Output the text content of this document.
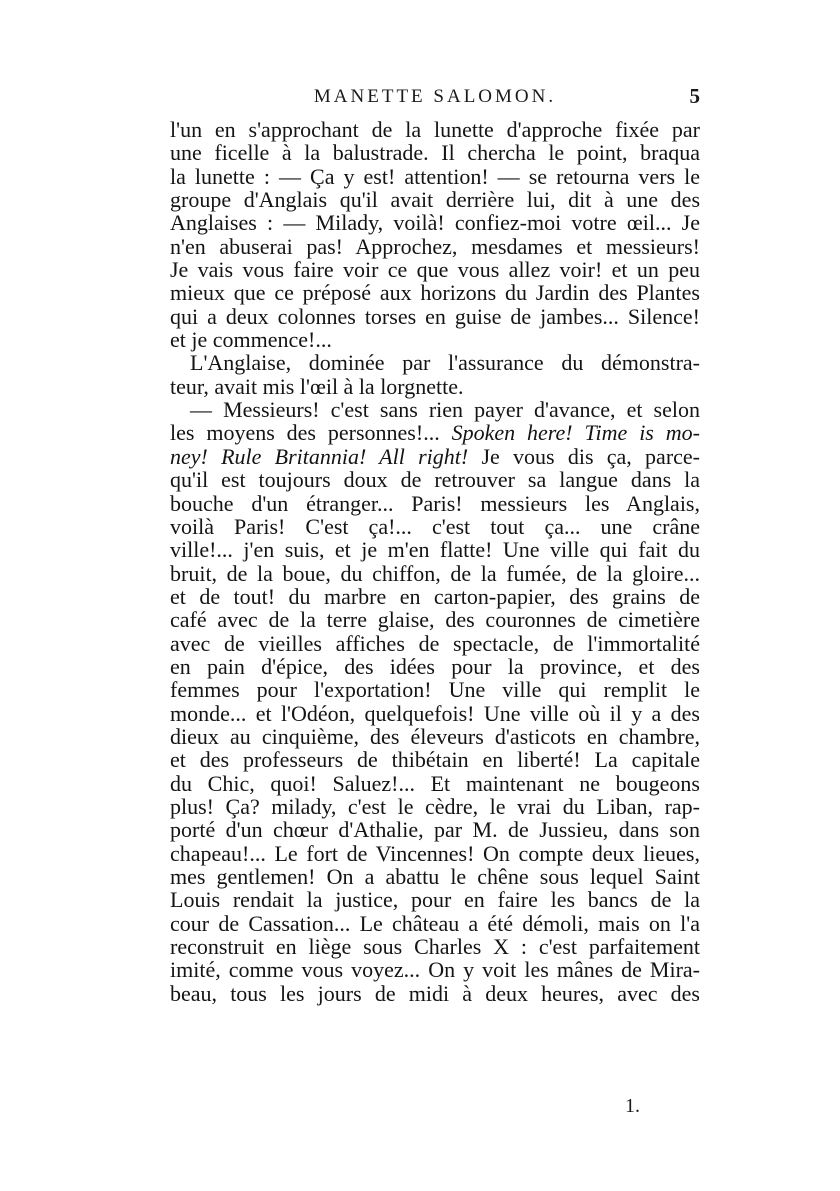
MANETTE SALOMON.	5
l'un en s'approchant de la lunette d'approche fixée par
une ficelle à la balustrade. Il chercha le point, braqua
la lunette : — Ça y est! attention! — se retourna vers le
groupe d'Anglais qu'il avait derrière lui, dit à une des
Anglaises : — Milady, voilà! confiez-moi votre œil... Je
n'en abuserai pas! Approchez, mesdames et messieurs!
Je vais vous faire voir ce que vous allez voir! et un peu
mieux que ce préposé aux horizons du Jardin des Plantes
qui a deux colonnes torses en guise de jambes... Silence!
et je commence!...
L'Anglaise, dominée par l'assurance du démonstra-
teur, avait mis l'œil à la lorgnette.
— Messieurs! c'est sans rien payer d'avance, et selon
les moyens des personnes!... Spoken here! Time is mo-
ney! Rule Britannia! All right! Je vous dis ça, parce-
qu'il est toujours doux de retrouver sa langue dans la
bouche d'un étranger... Paris! messieurs les Anglais,
voilà Paris! C'est ça!... c'est tout ça... une crâne
ville!... j'en suis, et je m'en flatte! Une ville qui fait du
bruit, de la boue, du chiffon, de la fumée, de la gloire...
et de tout! du marbre en carton-papier, des grains de
café avec de la terre glaise, des couronnes de cimetière
avec de vieilles affiches de spectacle, de l'immortalité
en pain d'épice, des idées pour la province, et des
femmes pour l'exportation! Une ville qui remplit le
monde... et l'Odéon, quelquefois! Une ville où il y a des
dieux au cinquième, des éleveurs d'asticots en chambre,
et des professeurs de thibétain en liberté! La capitale
du Chic, quoi! Saluez!... Et maintenant ne bougeons
plus! Ça? milady, c'est le cèdre, le vrai du Liban, rap-
porté d'un chœur d'Athalie, par M. de Jussieu, dans son
chapeau!... Le fort de Vincennes! On compte deux lieues,
mes gentlemen! On a abattu le chêne sous lequel Saint
Louis rendait la justice, pour en faire les bancs de la
cour de Cassation... Le château a été démoli, mais on l'a
reconstruit en liège sous Charles X : c'est parfaitement
imité, comme vous voyez... On y voit les mânes de Mira-
beau, tous les jours de midi à deux heures, avec des
1.
